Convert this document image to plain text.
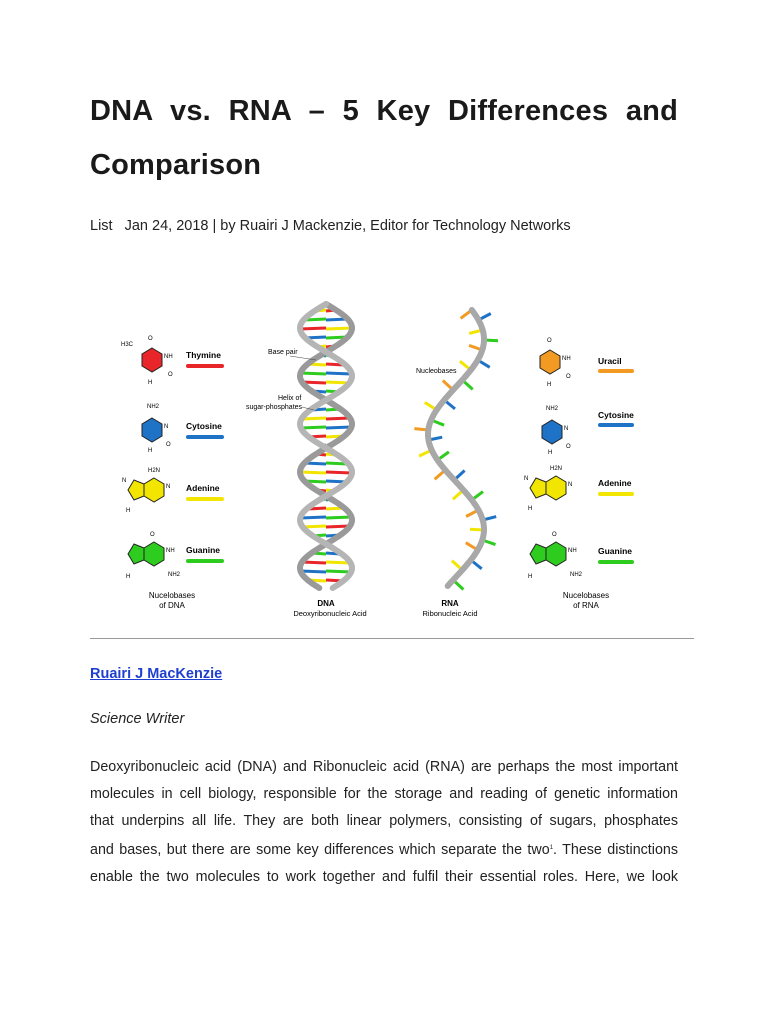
DNA vs. RNA – 5 Key Differences and Comparison
List Jan 24, 2018 | by Ruairi J Mackenzie, Editor for Technology Networks
H3C
O
NH
O
H
Thymine
NH2
N
O
H
Cytosine
H2N
N
N
H
Adenine
O
NH
NH2
H
Guanine
Nucelobases
of DNA
Base pair
Helix of
sugar-phosphates
DNA
Deoxyribonucleic Acid
Nucleobases
RNA
Ribonucleic Acid
O
NH
O
H
Uracil
NH2
N
O
H
Cytosine
H2N
N
N
H
Adenine
O
NH
NH2
H
Guanine
Nucelobases
of RNA
Ruairi J MacKenzie
Science Writer

Deoxyribonucleic acid (DNA) and Ribonucleic acid (RNA) are perhaps the most important
molecules in cell biology, responsible for the storage and reading of genetic information
that underpins all life. They are both linear polymers, consisting of sugars, phosphates
and bases, but there are some key differences which separate the two$^1$. These distinctions
enable the two molecules to work together and fulfil their essential roles. Here, we look
